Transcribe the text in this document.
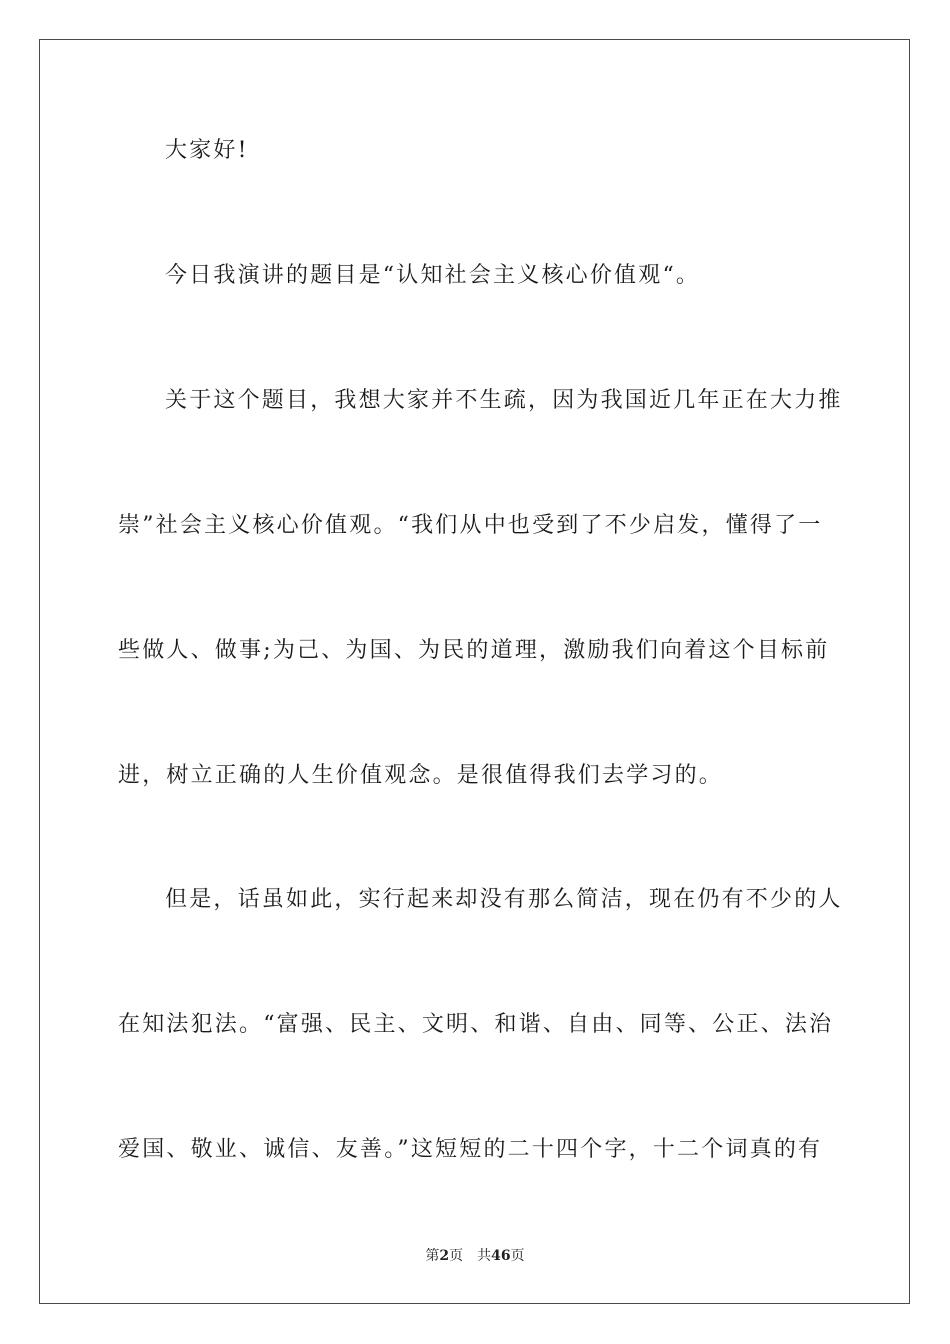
大家好!
今日我演讲的题目是“认知社会主义核心价值观“。
关于这个题目，我想大家并不生疏，因为我国近几年正在大力推
崇”社会主义核心价值观。“我们从中也受到了不少启发，懂得了一
些做人、做事;为己、为国、为民的道理，激励我们向着这个目标前
进，树立正确的人生价值观念。是很值得我们去学习的。
但是，话虽如此，实行起来却没有那么简洁，现在仍有不少的人
在知法犯法。“富强、民主、文明、和谐、自由、同等、公正、法治
爱国、敬业、诚信、友善。”这短短的二十四个字，十二个词真的有
第2页 共46页
